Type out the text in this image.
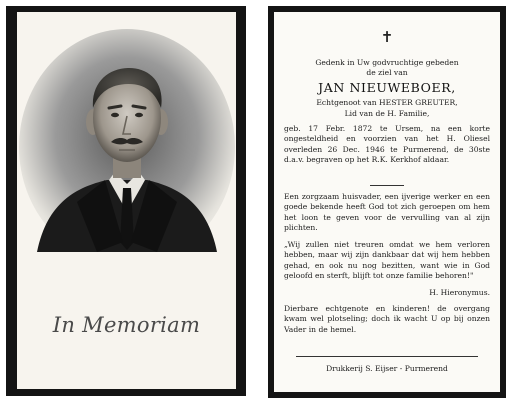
In Memoriam
✝
Gedenk in Uw godvruchtige gebeden
de ziel van
JAN NIEUWEBOER,
Echtgenoot van HESTER GREUTER,
Lid van de H. Familie,
geb. 17 Febr. 1872 te Ursem, na een korte ongesteldheid en voorzien van het H. Oliesel overleden 26 Dec. 1946 te Purmerend, de 30ste d.a.v. begraven op het R.K. Kerkhof aldaar.
Een zorgzaam huisvader, een ijverige werker en een goede bekende heeft God tot zich geroepen om hem het loon te geven voor de vervulling van al zijn plichten.
„Wij zullen niet treuren omdat we hem verloren hebben, maar wij zijn dankbaar dat wij hem hebben gehad, en ook nu nog bezitten, want wie in God geloofd en sterft, blijft tot onze familie behoren!"
H. Hieronymus.
Dierbare echtgenote en kinderen! de overgang kwam wel plotseling; doch ik wacht U op bij onzen Vader in de hemel.
Drukkerij S. Eijser - Purmerend
